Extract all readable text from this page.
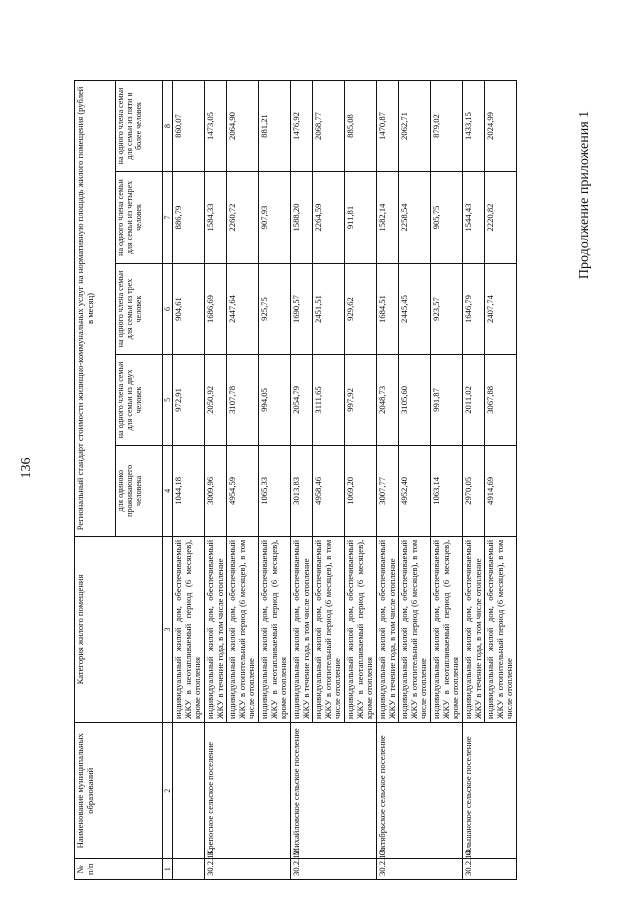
136
Продолжение приложения 1
№ п/п	Наименование муниципальных образований	Категория жилого помещения	Региональный стандарт стоимости жилищно-коммунальных услуг на нормативную площадь жилого помещения (рублей в месяц)				
			для одиноко проживающего человека	на одного члена семьи для семьи из двух человек	на одного члена семьи для семьи из трех человек	на одного члена семьи для семьи из четырех человек	на одного члена семьи для семьи из пяти и более человек
1	2	3	4	5	6	7	8
		индивидуальный жилой дом, обеспечиваемый ЖКУ в неотапливаемый период (6 месяцев), кроме отопления	1044,18	972,91	904,61	886,79	860,07
30.2.11.	Крепосное сельское поселение	индивидуальный жилой дом, обеспечиваемый ЖКУ в течение года, в том числе отопление	3009,96	2050,92	1686,69	1584,33	1473,05
		индивидуальный жилой дом, обеспечиваемый ЖКУ в отопительный период (6 месяцев), в том числе отопление	4954,59	3107,78	2447,64	2260,72	2064,90
		индивидуальный жилой дом, обеспечиваемый ЖКУ в неотапливаемый период (6 месяцев), кроме отопления	1065,33	994,05	925,75	907,93	881,21
30.2.12.	Михайловское сельское поселение	индивидуальный жилой дом, обеспечиваемый ЖКУ в течение года, в том числе отопление	3013,83	2054,79	1690,57	1588,20	1476,92
		индивидуальный жилой дом, обеспечиваемый ЖКУ в отопительный период (6 месяцев), в том числе отопление	4958,46	3111,65	2451,51	2264,59	2068,77
		индивидуальный жилой дом, обеспечиваемый ЖКУ в неотапливаемый период (6 месяцев), кроме отопления	1069,20	997,92	929,62	911,81	885,08
30.2.13.	Октябрьское сельское поселение	индивидуальный жилой дом, обеспечиваемый ЖКУ в течение года, в том числе отопление	3007,77	2048,73	1684,51	1582,14	1470,87
		индивидуальный жилой дом, обеспечиваемый ЖКУ в отопительный период (6 месяцев), в том числе отопление	4952,40	3105,60	2445,45	2258,54	2062,71
		индивидуальный жилой дом, обеспечиваемый ЖКУ в неотапливаемый период (6 месяцев), кроме отопления	1063,14	991,87	923,57	905,75	879,02
30.2.14.	Ольшанское сельское поселение	индивидуальный жилой дом, обеспечиваемый ЖКУ в течение года, в том числе отопление	2970,05	2011,02	1646,79	1544,43	1433,15
		индивидуальный жилой дом, обеспечиваемый ЖКУ в отопительный период (6 месяцев), в том числе отопление	4914,69	3067,88	2407,74	2220,82	2024,99
